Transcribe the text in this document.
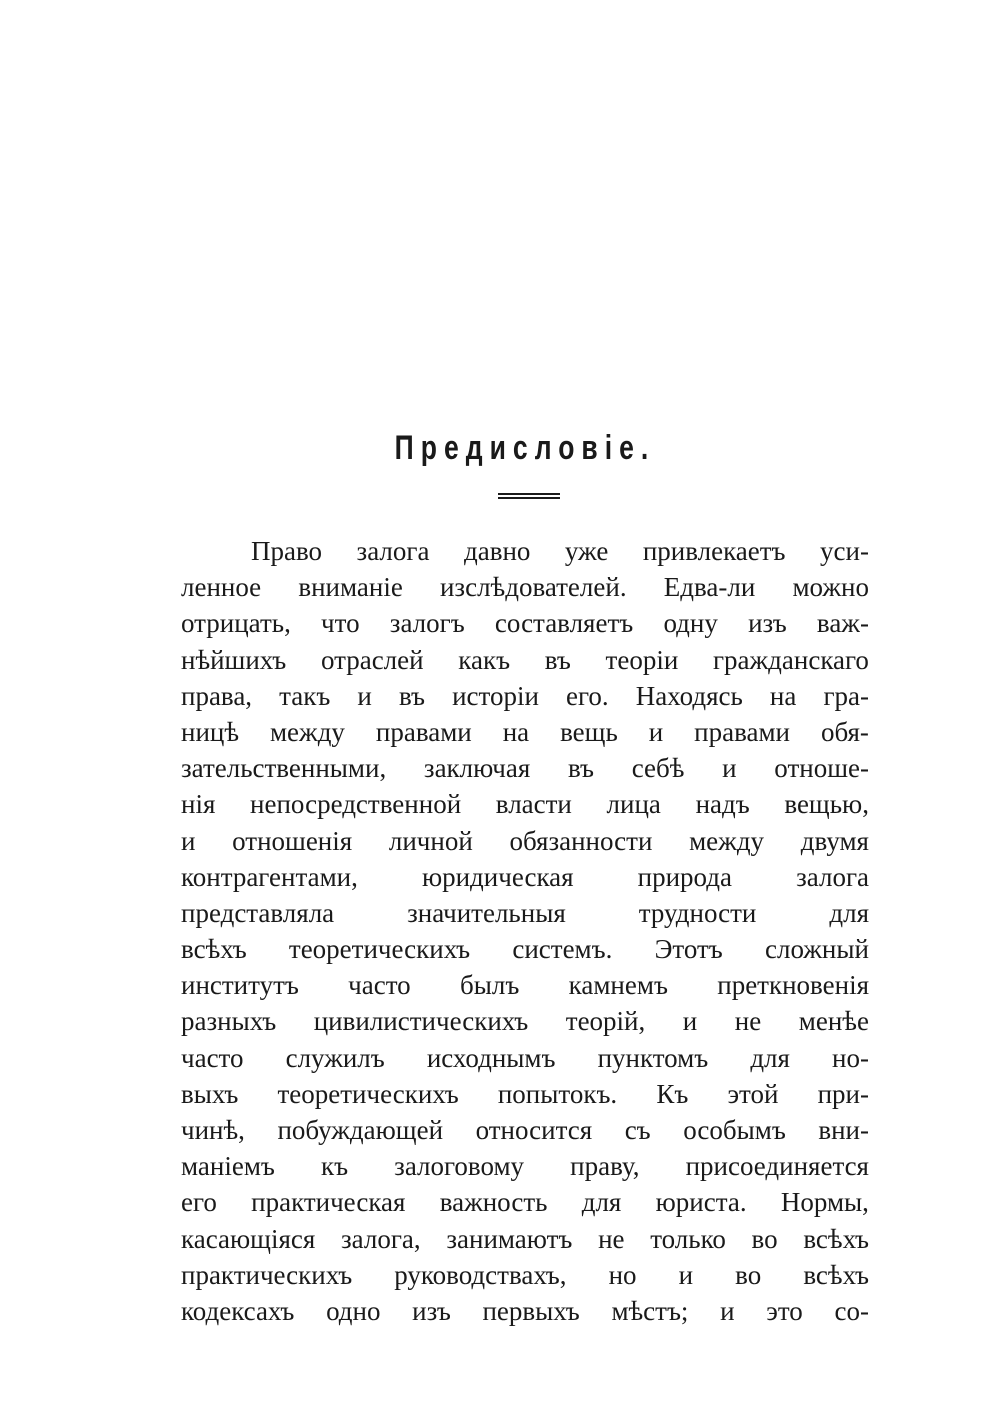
Предисловіе.
Право залога давно уже привлекаетъ уси-
ленное вниманіе изслѣдователей. Едва-ли можно
отрицать, что залогъ составляетъ одну изъ важ-
нѣйшихъ отраслей какъ въ теоріи гражданскаго
права, такъ и въ исторіи его. Находясь на гра-
ницѣ между правами на вещь и правами обя-
зательственными, заключая въ себѣ и отноше-
нія непосредственной власти лица надъ вещью,
и отношенія личной обязанности между двумя
контрагентами, юридическая природа залога
представляла	значительныя	трудности	для
всѣхъ теоретическихъ системъ. Этотъ сложный
институтъ часто былъ камнемъ преткновенія
разныхъ цивилистическихъ теорій, и не менѣе
часто служилъ исходнымъ пунктомъ для но-
выхъ теоретическихъ попытокъ. Къ этой при-
чинѣ, побуждающей относится съ особымъ вни-
маніемъ къ залоговому праву, присоединяется
его практическая важность для юриста. Нормы,
касающіяся залога, занимаютъ не только во всѣхъ
практическихъ руководствахъ, но и во всѣхъ
кодексахъ одно изъ первыхъ мѣстъ; и это со-
